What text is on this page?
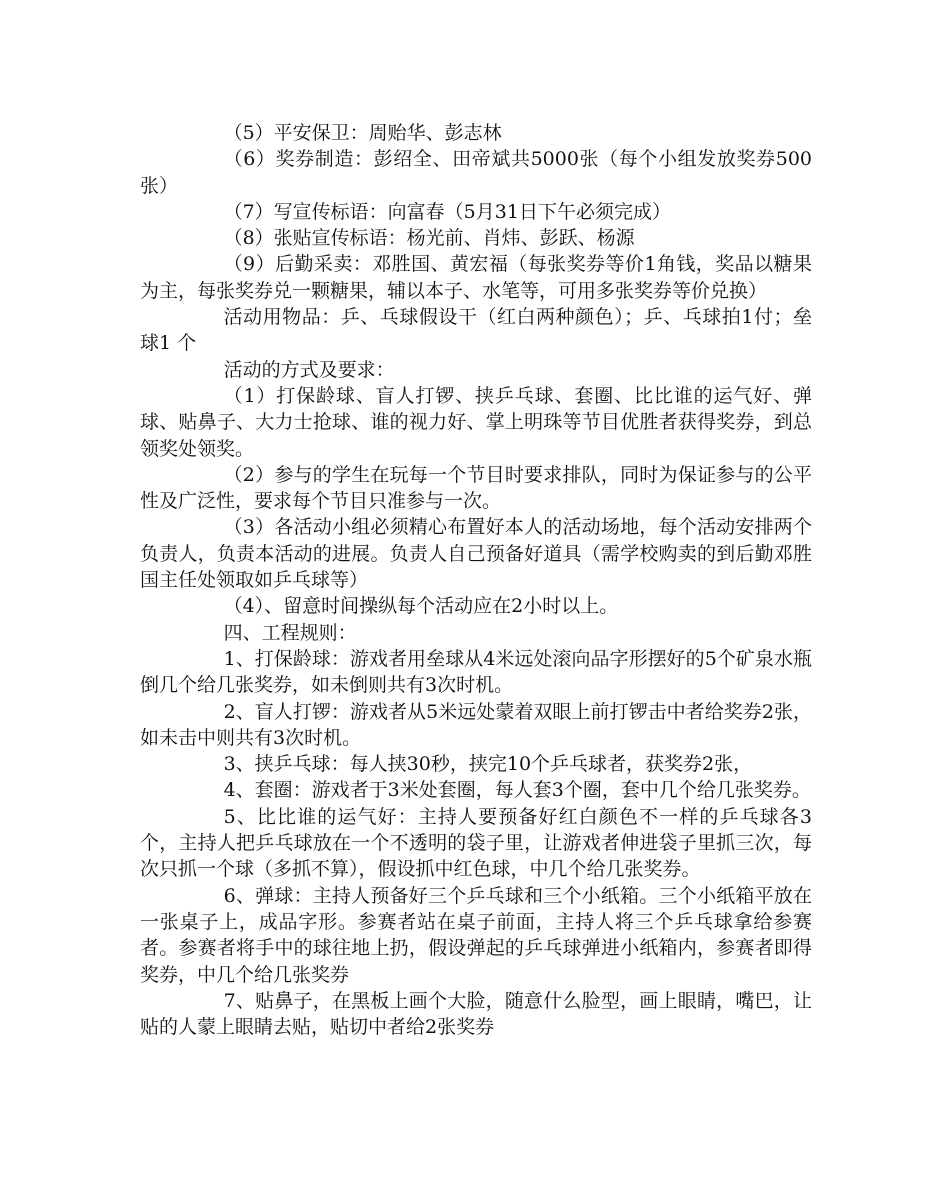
（5）平安保卫：周贻华、彭志林

（6）奖券制造：彭绍全、田帝斌共5000张（每个小组发放奖券500张）

（7）写宣传标语：向富春（5月31日下午必须完成）

（8）张贴宣传标语：杨光前、肖炜、彭跃、杨源

（9）后勤采卖：邓胜国、黄宏福（每张奖券等价1角钱，奖品以糖果为主，每张奖券兑一颗糖果，辅以本子、水笔等，可用多张奖券等价兑换）

活动用物品：乒、乓球假设干（红白两种颜色）；乒、乓球拍1付；垒球1 个

活动的方式及要求：

（1）打保龄球、盲人打锣、挟乒乓球、套圈、比比谁的运气好、弹球、贴鼻子、大力士抢球、谁的视力好、掌上明珠等节目优胜者获得奖券，到总领奖处领奖。

（2）参与的学生在玩每一个节目时要求排队，同时为保证参与的公平性及广泛性，要求每个节目只准参与一次。

（3）各活动小组必须精心布置好本人的活动场地，每个活动安排两个负责人，负责本活动的进展。负责人自己预备好道具（需学校购卖的到后勤邓胜国主任处领取如乒乓球等）

（4）、留意时间操纵每个活动应在2小时以上。

四、工程规则：

1、打保龄球：游戏者用垒球从4米远处滚向品字形摆好的5个矿泉水瓶倒几个给几张奖券，如未倒则共有3次时机。

2、盲人打锣：游戏者从5米远处蒙着双眼上前打锣击中者给奖券2张，如未击中则共有3次时机。

3、挟乒乓球：每人挟30秒，挟完10个乒乓球者，获奖券2张，

4、套圈：游戏者于3米处套圈，每人套3个圈，套中几个给几张奖券。

5、比比谁的运气好：主持人要预备好红白颜色不一样的乒乓球各3个，主持人把乒乓球放在一个不透明的袋子里，让游戏者伸进袋子里抓三次，每次只抓一个球（多抓不算），假设抓中红色球，中几个给几张奖券。

6、弹球：主持人预备好三个乒乓球和三个小纸箱。三个小纸箱平放在一张桌子上，成品字形。参赛者站在桌子前面，主持人将三个乒乓球拿给参赛者。参赛者将手中的球往地上扔，假设弹起的乒乓球弹进小纸箱内，参赛者即得奖券，中几个给几张奖券

7、贴鼻子，在黑板上画个大脸，随意什么脸型，画上眼睛，嘴巴，让贴的人蒙上眼睛去贴，贴切中者给2张奖券
